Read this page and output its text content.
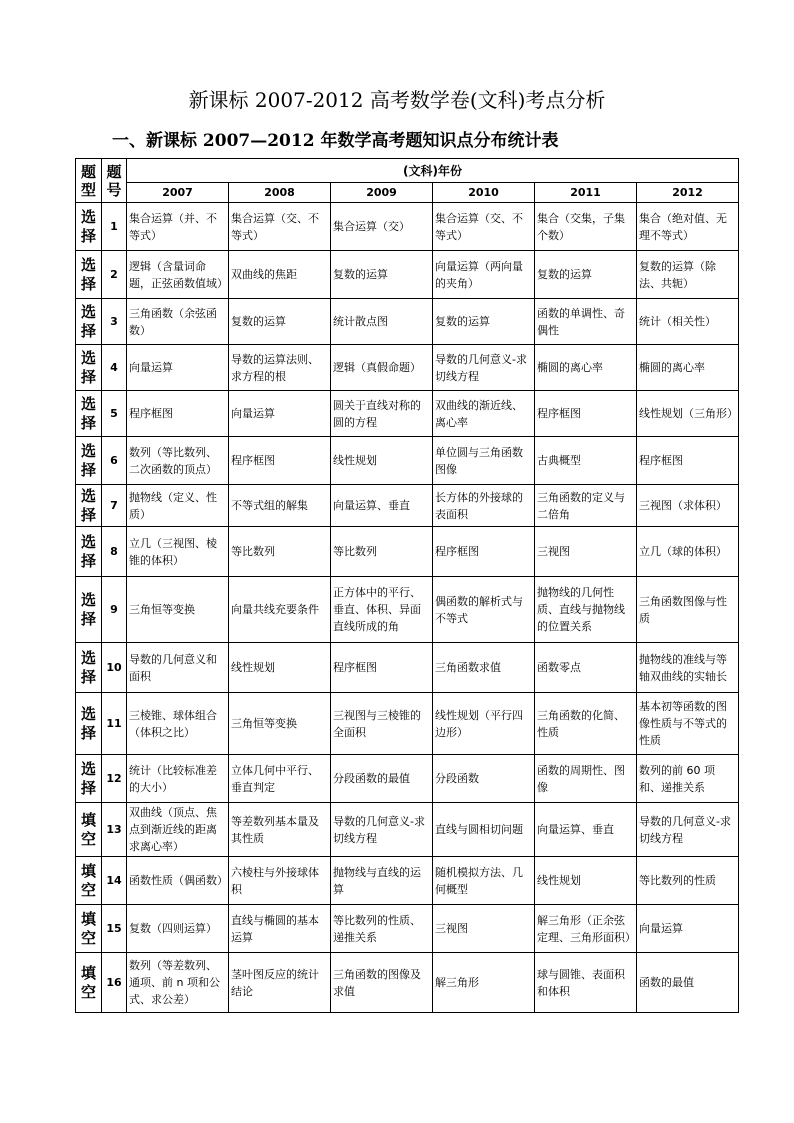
新课标 2007-2012 高考数学卷(文科)考点分析
一、新课标 2007—2012 年数学高考题知识点分布统计表
题型	题号	(文科)年份					
		2007	2008	2009	2010	2011	2012
选择	1	集合运算（并、不等式）	集合运算（交、不等式）	集合运算（交）	集合运算（交、不等式）	集合（交集，子集个数）	集合（绝对值、无理不等式）
选择	2	逻辑（含量词命题，正弦函数值域）	双曲线的焦距	复数的运算	向量运算（两向量的夹角）	复数的运算	复数的运算（除法、共轭）
选择	3	三角函数（余弦函数）	复数的运算	统计散点图	复数的运算	函数的单调性、奇偶性	统计（相关性）
选择	4	向量运算	导数的运算法则、求方程的根	逻辑（真假命题）	导数的几何意义-求切线方程	椭圆的离心率	椭圆的离心率
选择	5	程序框图	向量运算	圆关于直线对称的圆的方程	双曲线的渐近线、离心率	程序框图	线性规划（三角形）
选择	6	数列（等比数列、二次函数的顶点）	程序框图	线性规划	单位圆与三角函数图像	古典概型	程序框图
选择	7	抛物线（定义、性质）	不等式组的解集	向量运算、垂直	长方体的外接球的表面积	三角函数的定义与二倍角	三视图（求体积）
选择	8	立几（三视图、棱锥的体积）	等比数列	等比数列	程序框图	三视图	立几（球的体积）
选择	9	三角恒等变换	向量共线充要条件	正方体中的平行、垂直、体积、异面直线所成的角	偶函数的解析式与不等式	抛物线的几何性质、直线与抛物线的位置关系	三角函数图像与性质
选择	10	导数的几何意义和面积	线性规划	程序框图	三角函数求值	函数零点	抛物线的准线与等轴双曲线的实轴长
选择	11	三棱锥、球体组合（体积之比）	三角恒等变换	三视图与三棱锥的全面积	线性规划（平行四边形）	三角函数的化简、性质	基本初等函数的图像性质与不等式的性质
选择	12	统计（比较标准差的大小）	立体几何中平行、垂直判定	分段函数的最值	分段函数	函数的周期性、图像	数列的前 60 项和、递推关系
填空	13	双曲线（顶点、焦点到渐近线的距离求离心率）	等差数列基本量及其性质	导数的几何意义-求切线方程	直线与圆相切问题	向量运算、垂直	导数的几何意义-求切线方程
填空	14	函数性质（偶函数）	六棱柱与外接球体积	抛物线与直线的运算	随机模拟方法、几何概型	线性规划	等比数列的性质
填空	15	复数（四则运算）	直线与椭圆的基本运算	等比数列的性质、递推关系	三视图	解三角形（正余弦定理、三角形面积）	向量运算
填空	16	数列（等差数列、通项、前 n 项和公式、求公差）	茎叶图反应的统计结论	三角函数的图像及求值	解三角形	球与圆锥、表面积和体积	函数的最值
